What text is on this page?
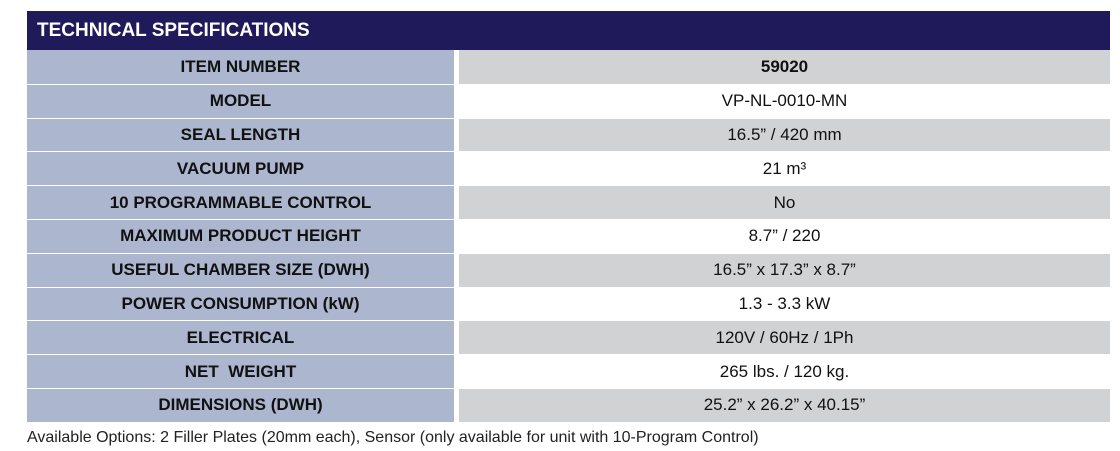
TECHNICAL SPECIFICATIONS
ITEM NUMBER	59020
MODEL	VP-NL-0010-MN
SEAL LENGTH	16.5” / 420 mm
VACUUM PUMP	21 m³
10 PROGRAMMABLE CONTROL	No
MAXIMUM PRODUCT HEIGHT	8.7” / 220
USEFUL CHAMBER SIZE (DWH)	16.5” x 17.3” x 8.7”
POWER CONSUMPTION (kW)	1.3 - 3.3 kW
ELECTRICAL	120V / 60Hz / 1Ph
NET  WEIGHT	265 lbs. / 120 kg.
DIMENSIONS (DWH)	25.2” x 26.2” x 40.15”
Available Options: 2 Filler Plates (20mm each), Sensor (only available for unit with 10-Program Control)
